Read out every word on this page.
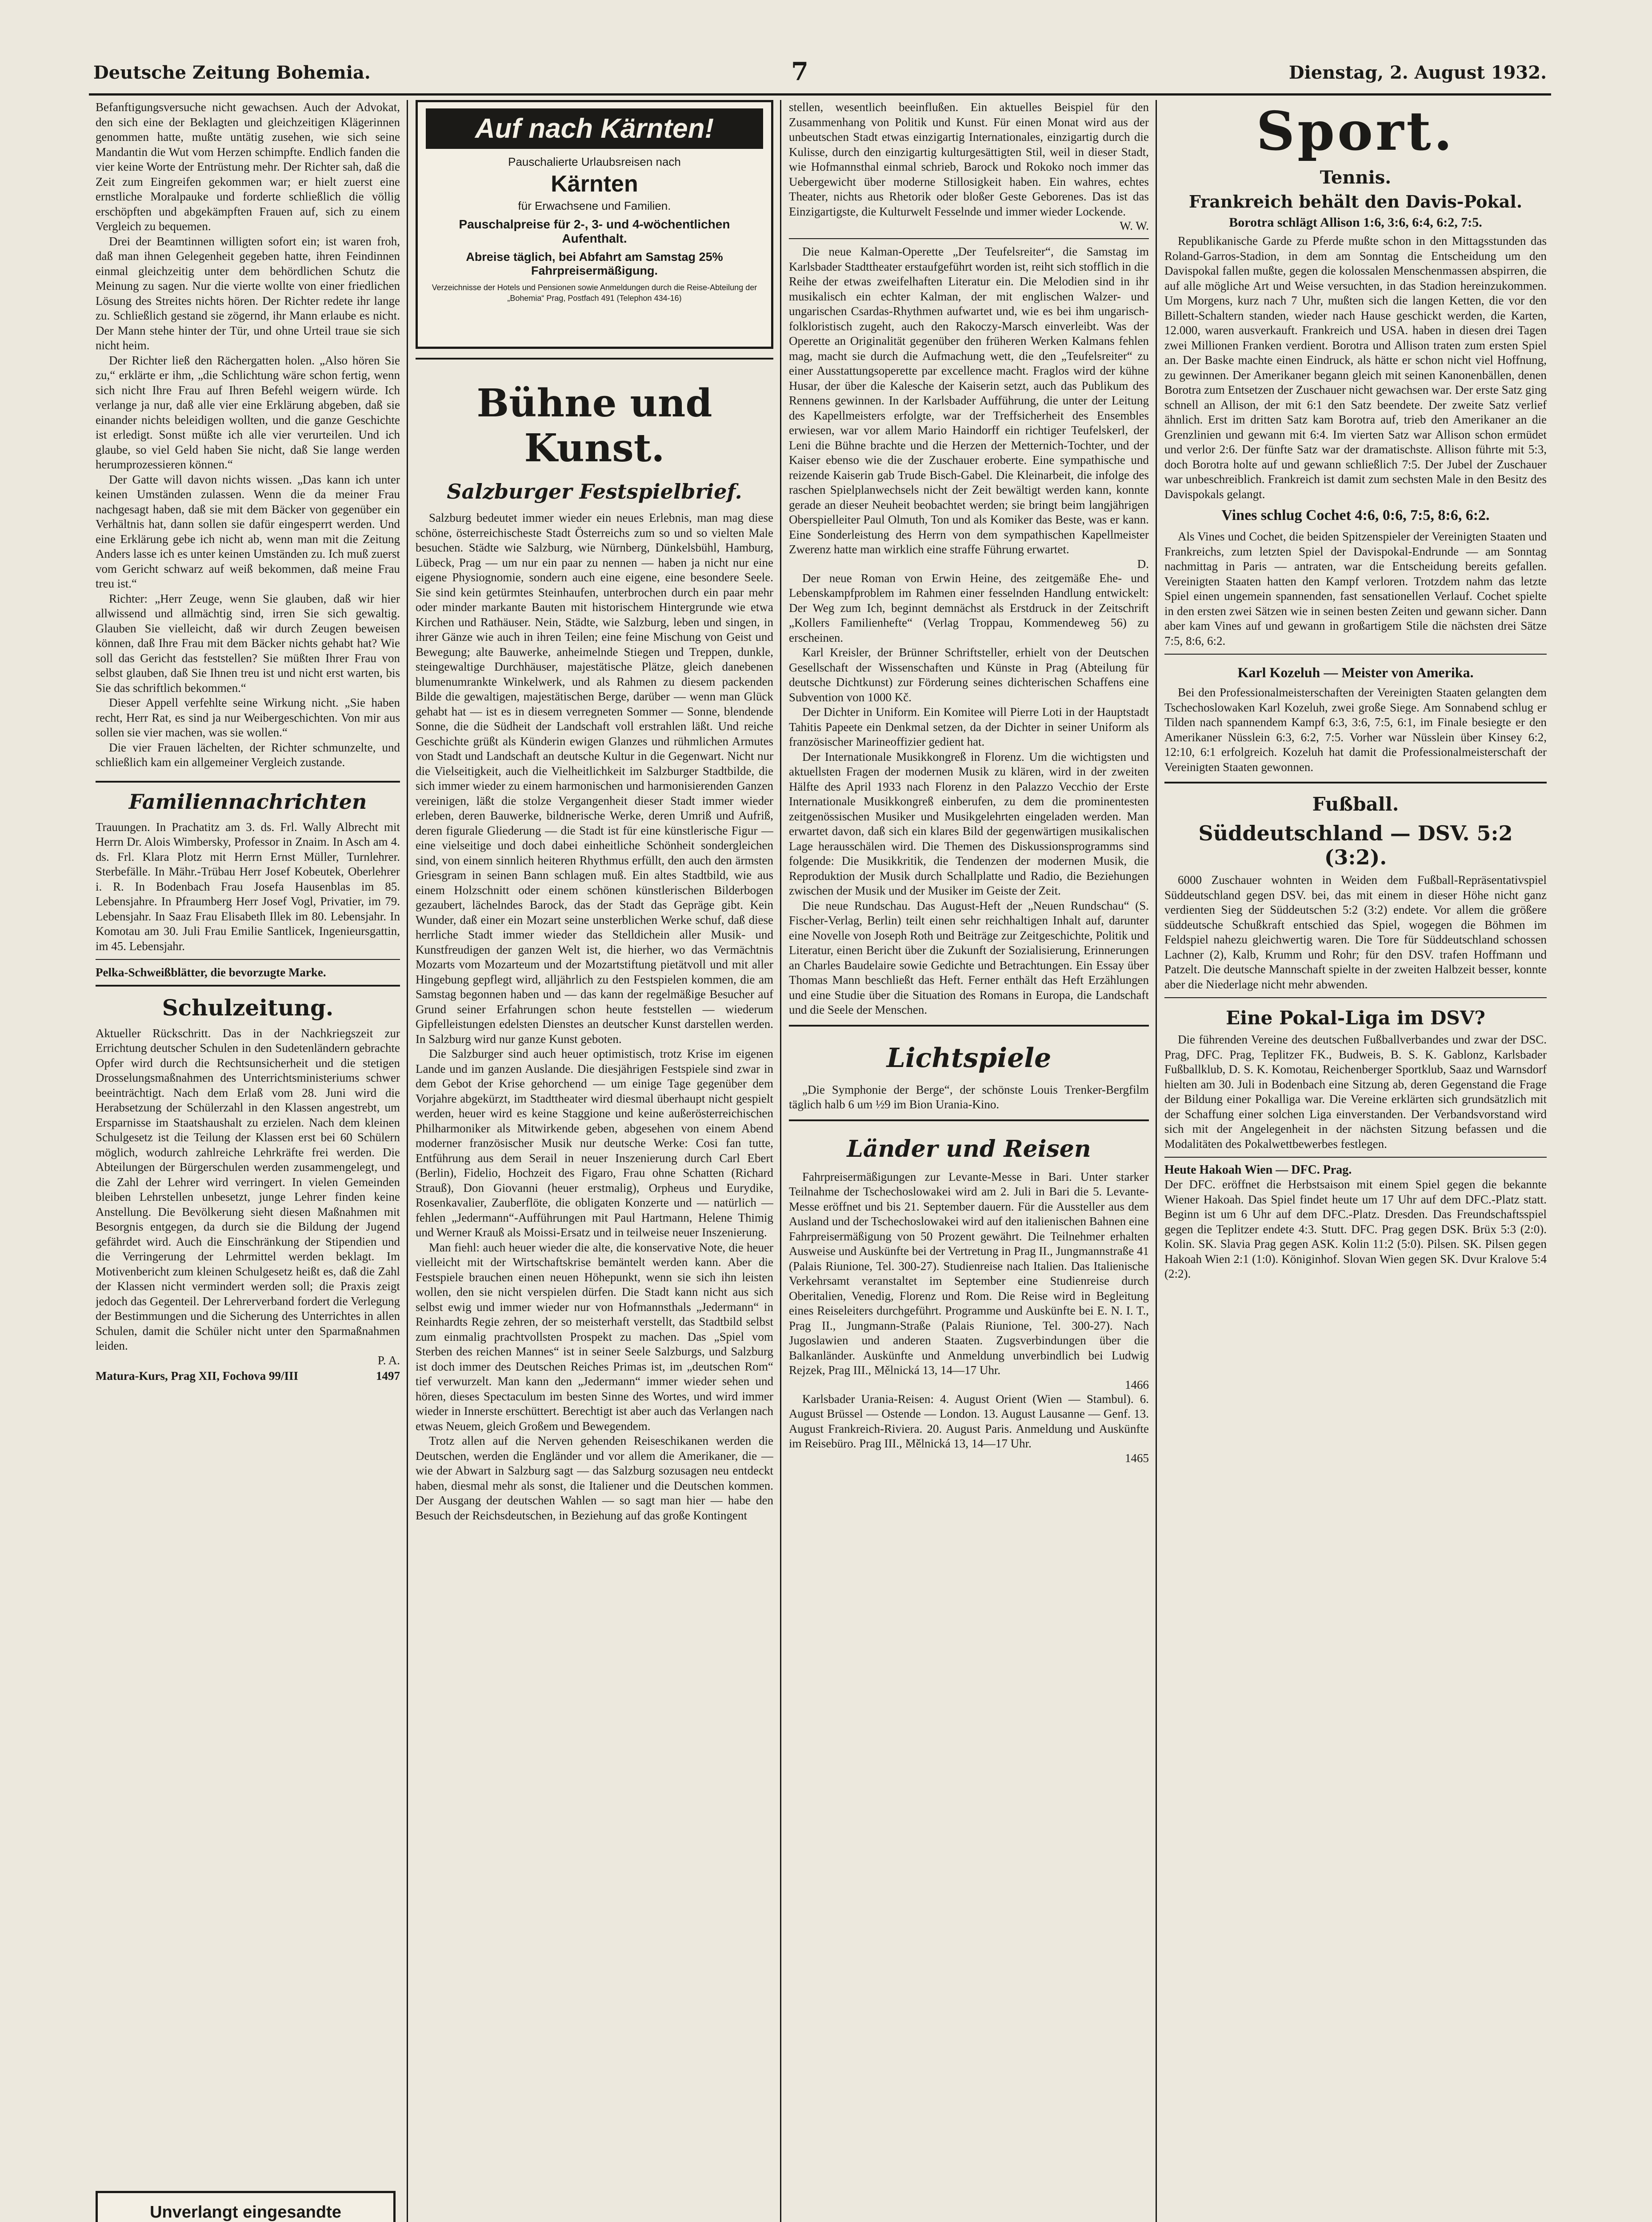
Deutsche Zeitung Bohemia.	7	Dienstag, 2. August 1932.

Befanftigungsversuche nicht gewachsen. Auch der Advokat, den sich eine der Beklagten und gleichzeitigen Klägerinnen genommen hatte, mußte untätig zusehen, wie sich seine Mandantin die Wut vom Herzen schimpfte. Endlich fanden die vier keine Worte der Entrüstung mehr. Der Richter sah, daß die Zeit zum Eingreifen gekommen war; er hielt zuerst eine ernstliche Moralpauke und forderte schließlich die völlig erschöpften und abgekämpften Frauen auf, sich zu einem Vergleich zu bequemen.

Drei der Beamtinnen willigten sofort ein; ist waren froh, daß man ihnen Gelegenheit gegeben hatte, ihren Feindinnen einmal gleichzeitig unter dem behördlichen Schutz die Meinung zu sagen. Nur die vierte wollte von einer friedlichen Lösung des Streites nichts hören. Der Richter redete ihr lange zu. Schließlich gestand sie zögernd, ihr Mann erlaube es nicht. Der Mann stehe hinter der Tür, und ohne Urteil traue sie sich nicht heim.

Der Richter ließ den Rächergatten holen. „Also hören Sie zu,“ erklärte er ihm, „die Schlichtung wäre schon fertig, wenn sich nicht Ihre Frau auf Ihren Befehl weigern würde. Ich verlange ja nur, daß alle vier eine Erklärung abgeben, daß sie einander nichts beleidigen wollten, und die ganze Geschichte ist erledigt. Sonst müßte ich alle vier verurteilen. Und ich glaube, so viel Geld haben Sie nicht, daß Sie lange werden herumprozessieren können.“

Der Gatte will davon nichts wissen. „Das kann ich unter keinen Umständen zulassen. Wenn die da meiner Frau nachgesagt haben, daß sie mit dem Bäcker von gegenüber ein Verhältnis hat, dann sollen sie dafür eingesperrt werden. Und eine Erklärung gebe ich nicht ab, wenn man mit die Zeitung Anders lasse ich es unter keinen Umständen zu. Ich muß zuerst vom Gericht schwarz auf weiß bekommen, daß meine Frau treu ist.“

Richter: „Herr Zeuge, wenn Sie glauben, daß wir hier allwissend und allmächtig sind, irren Sie sich gewaltig. Glauben Sie vielleicht, daß wir durch Zeugen beweisen können, daß Ihre Frau mit dem Bäcker nichts gehabt hat? Wie soll das Gericht das feststellen? Sie müßten Ihrer Frau von selbst glauben, daß Sie Ihnen treu ist und nicht erst warten, bis Sie das schriftlich bekommen.“

Dieser Appell verfehlte seine Wirkung nicht. „Sie haben recht, Herr Rat, es sind ja nur Weibergeschichten. Von mir aus sollen sie vier machen, was sie wollen.“

Die vier Frauen lächelten, der Richter schmunzelte, und schließlich kam ein allgemeiner Vergleich zustande.

Familiennachrichten

Trauungen. In Prachatitz am 3. ds. Frl. Wally Albrecht mit Herrn Dr. Alois Wimbersky, Professor in Znaim. In Asch am 4. ds. Frl. Klara Plotz mit Herrn Ernst Müller, Turnlehrer. Sterbefälle. In Mähr.-Trübau Herr Josef Kobeutek, Oberlehrer i. R. In Bodenbach Frau Josefa Hausenblas im 85. Lebensjahre. In Pfraumberg Herr Josef Vogl, Privatier, im 79. Lebensjahr. In Saaz Frau Elisabeth Illek im 80. Lebensjahr. In Komotau am 30. Juli Frau Emilie Santlicek, Ingenieursgattin, im 45. Lebensjahr.

Pelka-Schweißblätter, die bevorzugte Marke.

Schulzeitung.

Aktueller Rückschritt. Das in der Nachkriegszeit zur Errichtung deutscher Schulen in den Sudetenländern gebrachte Opfer wird durch die Rechtsunsicherheit und die stetigen Drosselungsmaßnahmen des Unterrichtsministeriums schwer beeinträchtigt. Nach dem Erlaß vom 28. Juni wird die Herabsetzung der Schülerzahl in den Klassen angestrebt, um Ersparnisse im Staatshaushalt zu erzielen. Nach dem kleinen Schulgesetz ist die Teilung der Klassen erst bei 60 Schülern möglich, wodurch zahlreiche Lehrkräfte frei werden. Die Abteilungen der Bürgerschulen werden zusammengelegt, und die Zahl der Lehrer wird verringert. In vielen Gemeinden bleiben Lehrstellen unbesetzt, junge Lehrer finden keine Anstellung. Die Bevölkerung sieht diesen Maßnahmen mit Besorgnis entgegen, da durch sie die Bildung der Jugend gefährdet wird. Auch die Einschränkung der Stipendien und die Verringerung der Lehrmittel werden beklagt. Im Motivenbericht zum kleinen Schulgesetz heißt es, daß die Zahl der Klassen nicht vermindert werden soll; die Praxis zeigt jedoch das Gegenteil. Der Lehrerverband fordert die Verlegung der Bestimmungen und die Sicherung des Unterrichtes in allen Schulen, damit die Schüler nicht unter den Sparmaßnahmen leiden.

P. A.
Matura-Kurs, Prag XII, Fochova 99/III	1497
Unverlangt eingesandte
Auf nach Kärnten!
Pauschalierte Urlaubsreisen nach
Kärnten
für Erwachsene und Familien.
Pauschalpreise für 2-, 3- und 4-wöchentlichen Aufenthalt.
Abreise täglich, bei Abfahrt am Samstag 25% Fahrpreisermäßigung.
Verzeichnisse der Hotels und Pensionen sowie Anmeldungen durch die Reise-Abteilung der „Bohemia“ Prag, Postfach 491 (Telephon 434-16)
Bühne und Kunst.
Salzburger Festspielbrief.

Salzburg bedeutet immer wieder ein neues Erlebnis, man mag diese schöne, österreichischeste Stadt Österreichs zum so und so vielten Male besuchen. Städte wie Salzburg, wie Nürnberg, Dünkelsbühl, Hamburg, Lübeck, Prag — um nur ein paar zu nennen — haben ja nicht nur eine eigene Physiognomie, sondern auch eine eigene, eine besondere Seele. Sie sind kein getürmtes Steinhaufen, unterbrochen durch ein paar mehr oder minder markante Bauten mit historischem Hintergrunde wie etwa Kirchen und Rathäuser. Nein, Städte, wie Salzburg, leben und singen, in ihrer Gänze wie auch in ihren Teilen; eine feine Mischung von Geist und Bewegung; alte Bauwerke, anheimelnde Stiegen und Treppen, dunkle, steingewaltige Durchhäuser, majestätische Plätze, gleich danebenen blumenumrankte Winkelwerk, und als Rahmen zu diesem packenden Bilde die gewaltigen, majestätischen Berge, darüber — wenn man Glück gehabt hat — ist es in diesem verregneten Sommer — Sonne, blendende Sonne, die die Südheit der Landschaft voll erstrahlen läßt. Und reiche Geschichte grüßt als Künderin ewigen Glanzes und rühmlichen Armutes von Stadt und Landschaft an deutsche Kultur in die Gegenwart. Nicht nur die Vielseitigkeit, auch die Vielheitlichkeit im Salzburger Stadtbilde, die sich immer wieder zu einem harmonischen und harmonisierenden Ganzen vereinigen, läßt die stolze Vergangenheit dieser Stadt immer wieder erleben, deren Bauwerke, bildnerische Werke, deren Umriß und Aufriß, deren figurale Gliederung — die Stadt ist für eine künstlerische Figur — eine vielseitige und doch dabei einheitliche Schönheit sondergleichen sind, von einem sinnlich heiteren Rhythmus erfüllt, den auch den ärmsten Griesgram in seinen Bann schlagen muß. Ein altes Stadtbild, wie aus einem Holzschnitt oder einem schönen künstlerischen Bilderbogen gezaubert, lächelndes Barock, das der Stadt das Gepräge gibt. Kein Wunder, daß einer ein Mozart seine unsterblichen Werke schuf, daß diese herrliche Stadt immer wieder das Stelldichein aller Musik- und Kunstfreudigen der ganzen Welt ist, die hierher, wo das Vermächtnis Mozarts vom Mozarteum und der Mozartstiftung pietätvoll und mit aller Hingebung gepflegt wird, alljährlich zu den Festspielen kommen, die am Samstag begonnen haben und — das kann der regelmäßige Besucher auf Grund seiner Erfahrungen schon heute feststellen — wiederum Gipfelleistungen edelsten Dienstes an deutscher Kunst darstellen werden. In Salzburg wird nur ganze Kunst geboten.

Die Salzburger sind auch heuer optimistisch, trotz Krise im eigenen Lande und im ganzen Auslande. Die diesjährigen Festspiele sind zwar in dem Gebot der Krise gehorchend — um einige Tage gegenüber dem Vorjahre abgekürzt, im Stadttheater wird diesmal überhaupt nicht gespielt werden, heuer wird es keine Staggione und keine außerösterreichischen Philharmoniker als Mitwirkende geben, abgesehen von einem Abend moderner französischer Musik nur deutsche Werke: Cosi fan tutte, Entführung aus dem Serail in neuer Inszenierung durch Carl Ebert (Berlin), Fidelio, Hochzeit des Figaro, Frau ohne Schatten (Richard Strauß), Don Giovanni (heuer erstmalig), Orpheus und Eurydike, Rosenkavalier, Zauberflöte, die obligaten Konzerte und — natürlich — fehlen „Jedermann“-Aufführungen mit Paul Hartmann, Helene Thimig und Werner Krauß als Moissi-Ersatz und in teilweise neuer Inszenierung.

Man fiehl: auch heuer wieder die alte, die konservative Note, die heuer vielleicht mit der Wirtschaftskrise bemäntelt werden kann. Aber die Festspiele brauchen einen neuen Höhepunkt, wenn sie sich ihn leisten wollen, den sie nicht verspielen dürfen. Die Stadt kann nicht aus sich selbst ewig und immer wieder nur von Hofmannsthals „Jedermann“ in Reinhardts Regie zehren, der so meisterhaft verstellt, das Stadtbild selbst zum einmalig prachtvollsten Prospekt zu machen. Das „Spiel vom Sterben des reichen Mannes“ ist in seiner Seele Salzburgs, und Salzburg ist doch immer des Deutschen Reiches Primas ist, im „deutschen Rom“ tief verwurzelt. Man kann den „Jedermann“ immer wieder sehen und hören, dieses Spectaculum im besten Sinne des Wortes, und wird immer wieder in Innerste erschüttert. Berechtigt ist aber auch das Verlangen nach etwas Neuem, gleich Großem und Bewegendem.

Trotz allen auf die Nerven gehenden Reiseschikanen werden die Deutschen, werden die Engländer und vor allem die Amerikaner, die — wie der Abwart in Salzburg sagt — das Salzburg sozusagen neu entdeckt haben, diesmal mehr als sonst, die Italiener und die Deutschen kommen. Der Ausgang der deutschen Wahlen — so sagt man hier — habe den Besuch der Reichsdeutschen, in Beziehung auf das große Kontingent

stellen, wesentlich beeinflußen. Ein aktuelles Beispiel für den Zusammenhang von Politik und Kunst. Für einen Monat wird aus der unbeutschen Stadt etwas einzigartig Internationales, einzigartig durch die Kulisse, durch den einzigartig kulturgesättigten Stil, weil in dieser Stadt, wie Hofmannsthal einmal schrieb, Barock und Rokoko noch immer das Uebergewicht über moderne Stillosigkeit haben. Ein wahres, echtes Theater, nichts aus Rhetorik oder bloßer Geste Geborenes. Das ist das Einzigartigste, die Kulturwelt Fesselnde und immer wieder Lockende.

W. W.

Die neue Kalman-Operette „Der Teufelsreiter“, die Samstag im Karlsbader Stadttheater erstaufgeführt worden ist, reiht sich stofflich in die Reihe der etwas zweifelhaften Literatur ein. Die Melodien sind in ihr musikalisch ein echter Kalman, der mit englischen Walzer- und ungarischen Csardas-Rhythmen aufwartet und, wie es bei ihm ungarisch-folkloristisch zugeht, auch den Rakoczy-Marsch einverleibt. Was der Operette an Originalität gegenüber den früheren Werken Kalmans fehlen mag, macht sie durch die Aufmachung wett, die den „Teufelsreiter“ zu einer Ausstattungsoperette par excellence macht. Fraglos wird der kühne Husar, der über die Kalesche der Kaiserin setzt, auch das Publikum des Rennens gewinnen. In der Karlsbader Aufführung, die unter der Leitung des Kapellmeisters erfolgte, war der Treffsicherheit des Ensembles erwiesen, war vor allem Mario Haindorff ein richtiger Teufelskerl, der Leni die Bühne brachte und die Herzen der Metternich-Tochter, und der Kaiser ebenso wie die der Zuschauer eroberte. Eine sympathische und reizende Kaiserin gab Trude Bisch-Gabel. Die Kleinarbeit, die infolge des raschen Spielplanwechsels nicht der Zeit bewältigt werden kann, konnte gerade an dieser Neuheit beobachtet werden; sie bringt beim langjährigen Oberspielleiter Paul Olmuth, Ton und als Komiker das Beste, was er kann. Eine Sonderleistung des Herrn von dem sympathischen Kapellmeister Zwerenz hatte man wirklich eine straffe Führung erwartet.

D.

Der neue Roman von Erwin Heine, des zeitgemäße Ehe- und Lebenskampfproblem im Rahmen einer fesselnden Handlung entwickelt: Der Weg zum Ich, beginnt demnächst als Erstdruck in der Zeitschrift „Kollers Familienhefte“ (Verlag Troppau, Kommendeweg 56) zu erscheinen.

Karl Kreisler, der Brünner Schriftsteller, erhielt von der Deutschen Gesellschaft der Wissenschaften und Künste in Prag (Abteilung für deutsche Dichtkunst) zur Förderung seines dichterischen Schaffens eine Subvention von 1000 Kč.

Der Dichter in Uniform. Ein Komitee will Pierre Loti in der Hauptstadt Tahitis Papeete ein Denkmal setzen, da der Dichter in seiner Uniform als französischer Marineoffizier gedient hat.

Der Internationale Musikkongreß in Florenz. Um die wichtigsten und aktuellsten Fragen der modernen Musik zu klären, wird in der zweiten Hälfte des April 1933 nach Florenz in den Palazzo Vecchio der Erste Internationale Musikkongreß einberufen, zu dem die prominentesten zeitgenössischen Musiker und Musikgelehrten eingeladen werden. Man erwartet davon, daß sich ein klares Bild der gegenwärtigen musikalischen Lage herausschälen wird. Die Themen des Diskussionsprogramms sind folgende: Die Musikkritik, die Tendenzen der modernen Musik, die Reproduktion der Musik durch Schallplatte und Radio, die Beziehungen zwischen der Musik und der Musiker im Geiste der Zeit.

Die neue Rundschau. Das August-Heft der „Neuen Rundschau“ (S. Fischer-Verlag, Berlin) teilt einen sehr reichhaltigen Inhalt auf, darunter eine Novelle von Joseph Roth und Beiträge zur Zeitgeschichte, Politik und Literatur, einen Bericht über die Zukunft der Sozialisierung, Erinnerungen an Charles Baudelaire sowie Gedichte und Betrachtungen. Ein Essay über Thomas Mann beschließt das Heft. Ferner enthält das Heft Erzählungen und eine Studie über die Situation des Romans in Europa, die Landschaft und die Seele der Menschen.

Lichtspiele

„Die Symphonie der Berge“, der schönste Louis Trenker-Bergfilm täglich halb 6 um ½9 im Bion Urania-Kino.

Länder und Reisen

Fahrpreisermäßigungen zur Levante-Messe in Bari. Unter starker Teilnahme der Tschechoslowakei wird am 2. Juli in Bari die 5. Levante-Messe eröffnet und bis 21. September dauern. Für die Aussteller aus dem Ausland und der Tschechoslowakei wird auf den italienischen Bahnen eine Fahrpreisermäßigung von 50 Prozent gewährt. Die Teilnehmer erhalten Ausweise und Auskünfte bei der Vertretung in Prag II., Jungmannstraße 41 (Palais Riunione, Tel. 300-27). Studienreise nach Italien. Das Italienische Verkehrsamt veranstaltet im September eine Studienreise durch Oberitalien, Venedig, Florenz und Rom. Die Reise wird in Begleitung eines Reiseleiters durchgeführt. Programme und Auskünfte bei E. N. I. T., Prag II., Jungmann-Straße (Palais Riunione, Tel. 300-27). Nach Jugoslawien und anderen Staaten. Zugsverbindungen über die Balkanländer. Auskünfte und Anmeldung unverbindlich bei Ludwig Rejzek, Prag III., Mělnická 13, 14—17 Uhr.

1466

Karlsbader Urania-Reisen: 4. August Orient (Wien — Stambul). 6. August Brüssel — Ostende — London. 13. August Lausanne — Genf. 13. August Frankreich-Riviera. 20. August Paris. Anmeldung und Auskünfte im Reisebüro. Prag III., Mělnická 13, 14—17 Uhr.

1465
Sport.
Tennis.
Frankreich behält den Davis-Pokal.
Borotra schlägt Allison 1:6, 3:6, 6:4, 6:2, 7:5.

Republikanische Garde zu Pferde mußte schon in den Mittagsstunden das Roland-Garros-Stadion, in dem am Sonntag die Entscheidung um den Davispokal fallen mußte, gegen die kolossalen Menschenmassen abspirren, die auf alle mögliche Art und Weise versuchten, in das Stadion hereinzukommen. Um Morgens, kurz nach 7 Uhr, mußten sich die langen Ketten, die vor den Billett-Schaltern standen, wieder nach Hause geschickt werden, die Karten, 12.000, waren ausverkauft. Frankreich und USA. haben in diesen drei Tagen zwei Millionen Franken verdient. Borotra und Allison traten zum ersten Spiel an. Der Baske machte einen Eindruck, als hätte er schon nicht viel Hoffnung, zu gewinnen. Der Amerikaner begann gleich mit seinen Kanonenbällen, denen Borotra zum Entsetzen der Zuschauer nicht gewachsen war. Der erste Satz ging schnell an Allison, der mit 6:1 den Satz beendete. Der zweite Satz verlief ähnlich. Erst im dritten Satz kam Borotra auf, trieb den Amerikaner an die Grenzlinien und gewann mit 6:4. Im vierten Satz war Allison schon ermüdet und verlor 2:6. Der fünfte Satz war der dramatischste. Allison führte mit 5:3, doch Borotra holte auf und gewann schließlich 7:5. Der Jubel der Zuschauer war unbeschreiblich. Frankreich ist damit zum sechsten Male in den Besitz des Davispokals gelangt.

Vines schlug Cochet 4:6, 0:6, 7:5, 8:6, 6:2.

Als Vines und Cochet, die beiden Spitzenspieler der Vereinigten Staaten und Frankreichs, zum letzten Spiel der Davispokal-Endrunde — am Sonntag nachmittag in Paris — antraten, war die Entscheidung bereits gefallen. Vereinigten Staaten hatten den Kampf verloren. Trotzdem nahm das letzte Spiel einen ungemein spannenden, fast sensationellen Verlauf. Cochet spielte in den ersten zwei Sätzen wie in seinen besten Zeiten und gewann sicher. Dann aber kam Vines auf und gewann in großartigem Stile die nächsten drei Sätze 7:5, 8:6, 6:2.

Karl Kozeluh — Meister von Amerika.

Bei den Professionalmeisterschaften der Vereinigten Staaten gelangten dem Tschechoslowaken Karl Kozeluh, zwei große Siege. Am Sonnabend schlug er Tilden nach spannendem Kampf 6:3, 3:6, 7:5, 6:1, im Finale besiegte er den Amerikaner Nüsslein 6:3, 6:2, 7:5. Vorher war Nüsslein über Kinsey 6:2, 12:10, 6:1 erfolgreich. Kozeluh hat damit die Professionalmeisterschaft der Vereinigten Staaten gewonnen.

Fußball.
Süddeutschland — DSV. 5:2 (3:2).

6000 Zuschauer wohnten in Weiden dem Fußball-Repräsentativspiel Süddeutschland gegen DSV. bei, das mit einem in dieser Höhe nicht ganz verdienten Sieg der Süddeutschen 5:2 (3:2) endete. Vor allem die größere süddeutsche Schußkraft entschied das Spiel, wogegen die Böhmen im Feldspiel nahezu gleichwertig waren. Die Tore für Süddeutschland schossen Lachner (2), Kalb, Krumm und Rohr; für den DSV. trafen Hoffmann und Patzelt. Die deutsche Mannschaft spielte in der zweiten Halbzeit besser, konnte aber die Niederlage nicht mehr abwenden.

Eine Pokal-Liga im DSV?

Die führenden Vereine des deutschen Fußballverbandes und zwar der DSC. Prag, DFC. Prag, Teplitzer FK., Budweis, B. S. K. Gablonz, Karlsbader Fußballklub, D. S. K. Komotau, Reichenberger Sportklub, Saaz und Warnsdorf hielten am 30. Juli in Bodenbach eine Sitzung ab, deren Gegenstand die Frage der Bildung einer Pokalliga war. Die Vereine erklärten sich grundsätzlich mit der Schaffung einer solchen Liga einverstanden. Der Verbandsvorstand wird sich mit der Angelegenheit in der nächsten Sitzung befassen und die Modalitäten des Pokalwettbewerbes festlegen.

Heute Hakoah Wien — DFC. Prag.

Der DFC. eröffnet die Herbstsaison mit einem Spiel gegen die bekannte Wiener Hakoah. Das Spiel findet heute um 17 Uhr auf dem DFC.-Platz statt. Beginn ist um 6 Uhr auf dem DFC.-Platz. Dresden. Das Freundschaftsspiel gegen die Teplitzer endete 4:3. Stutt. DFC. Prag gegen DSK. Brüx 5:3 (2:0). Kolin. SK. Slavia Prag gegen ASK. Kolin 11:2 (5:0). Pilsen. SK. Pilsen gegen Hakoah Wien 2:1 (1:0). Königinhof. Slovan Wien gegen SK. Dvur Kralove 5:4 (2:2).
